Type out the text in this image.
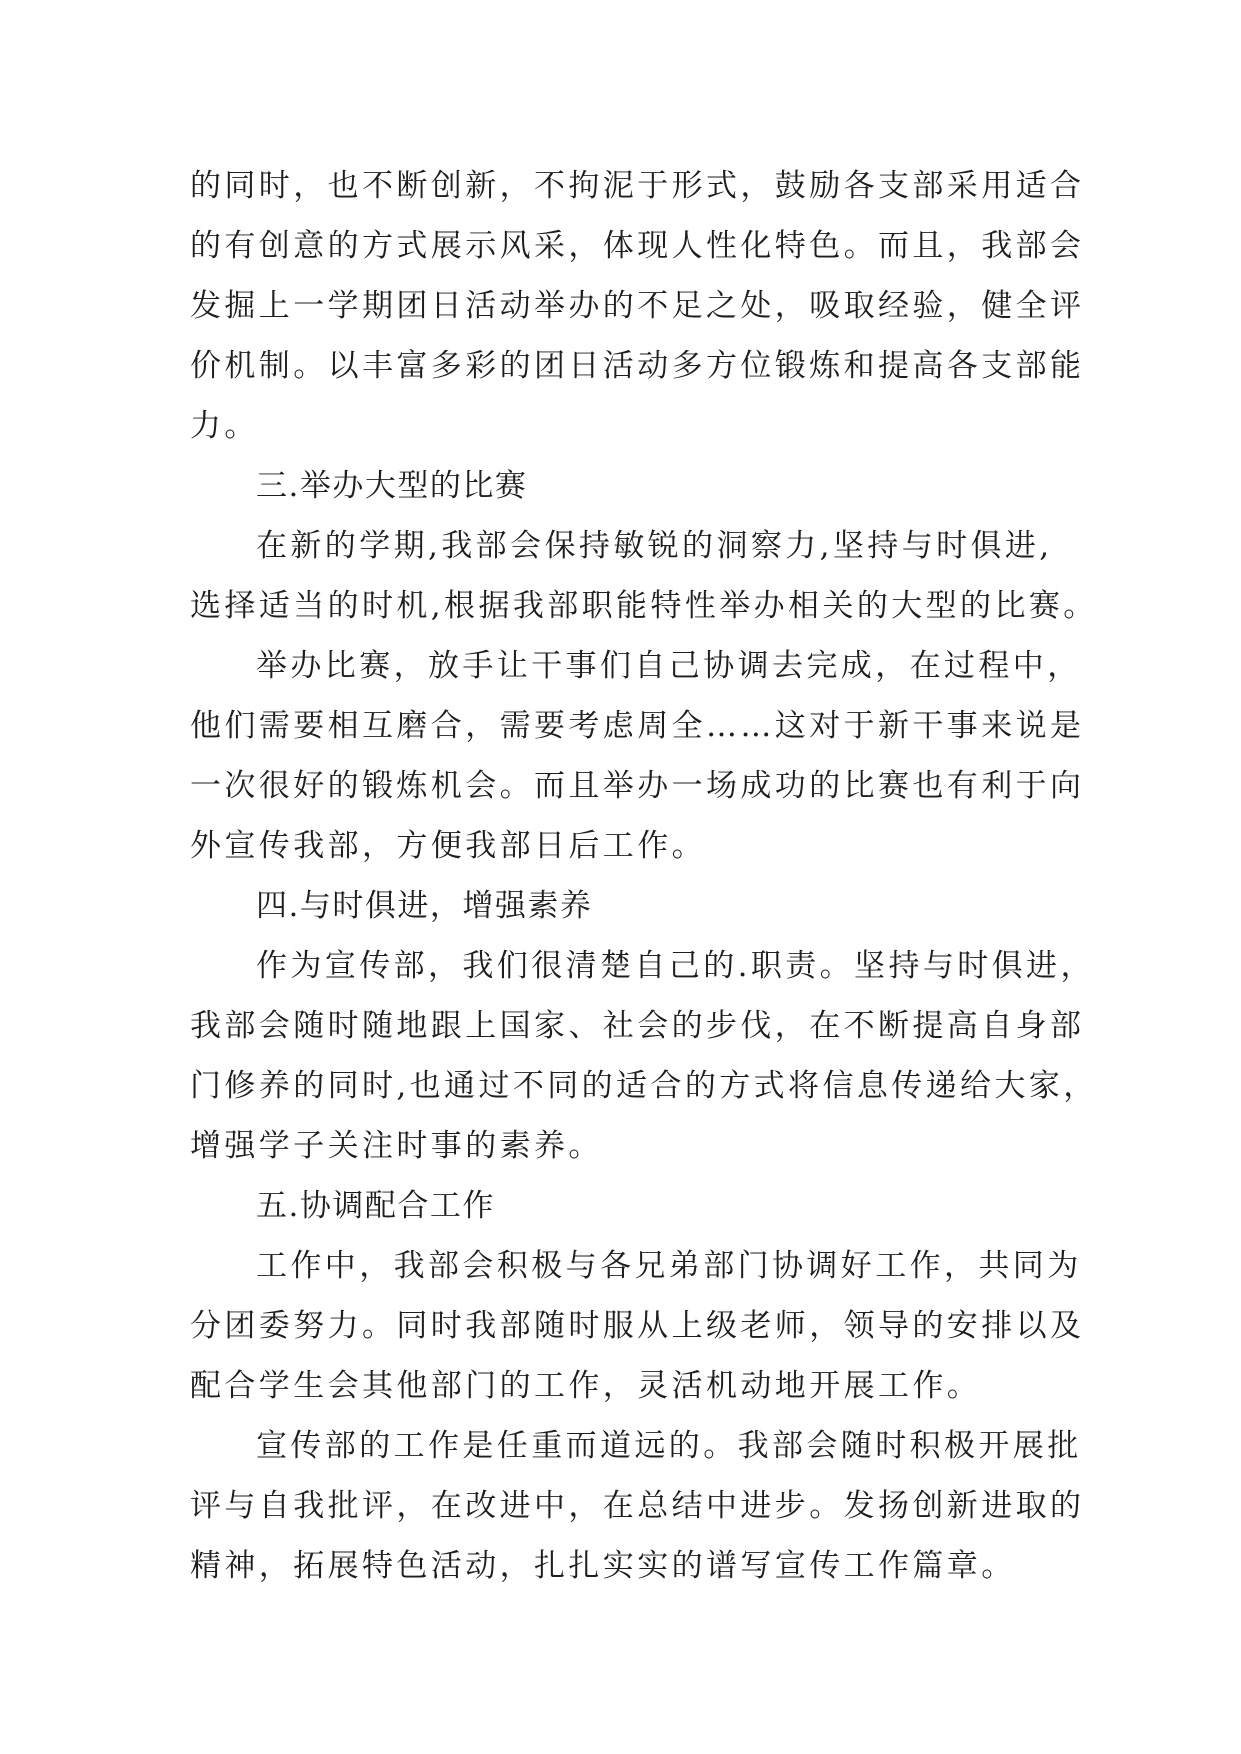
的同时，也不断创新，不拘泥于形式，鼓励各支部采用适合
的有创意的方式展示风采，体现人性化特色。而且，我部会
发掘上一学期团日活动举办的不足之处，吸取经验，健全评
价机制。以丰富多彩的团日活动多方位锻炼和提高各支部能
力。
三.举办大型的比赛
在新的学期,我部会保持敏锐的洞察力,坚持与时俱进,
选择适当的时机,根据我部职能特性举办相关的大型的比赛。
举办比赛，放手让干事们自己协调去完成，在过程中，
他们需要相互磨合，需要考虑周全……这对于新干事来说是
一次很好的锻炼机会。而且举办一场成功的比赛也有利于向
外宣传我部，方便我部日后工作。
四.与时俱进，增强素养
作为宣传部，我们很清楚自己的.职责。坚持与时俱进，
我部会随时随地跟上国家、社会的步伐，在不断提高自身部
门修养的同时,也通过不同的适合的方式将信息传递给大家，
增强学子关注时事的素养。
五.协调配合工作
工作中，我部会积极与各兄弟部门协调好工作，共同为
分团委努力。同时我部随时服从上级老师，领导的安排以及
配合学生会其他部门的工作，灵活机动地开展工作。
宣传部的工作是任重而道远的。我部会随时积极开展批
评与自我批评，在改进中，在总结中进步。发扬创新进取的
精神，拓展特色活动，扎扎实实的谱写宣传工作篇章。
